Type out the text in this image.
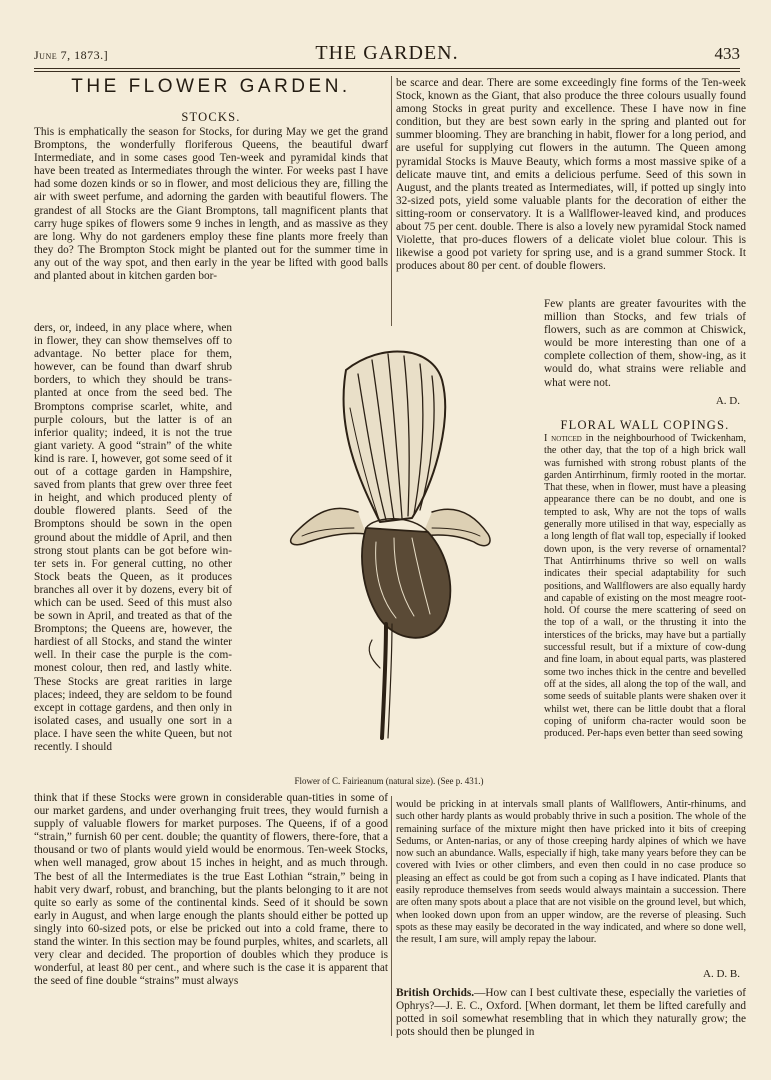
June 7, 1873.]	THE GARDEN.	433
THE FLOWER GARDEN.
STOCKS.

This is emphatically the season for Stocks, for during May we get the grand Bromptons, the wonderfully floriferous Queens, the beautiful dwarf Intermediate, and in some cases good Ten-week and pyramidal kinds that have been treated as Intermediates through the winter. For weeks past I have had some dozen kinds or so in flower, and most delicious they are, filling the air with sweet perfume, and adorning the garden with beautiful flowers. The grandest of all Stocks are the Giant Bromptons, tall magnificent plants that carry huge spikes of flowers some 9 inches in length, and as massive as they are long. Why do not gardeners employ these fine plants more freely than they do? The Brompton Stock might be planted out for the summer time in any out of the way spot, and then early in the year be lifted with good balls and planted about in kitchen garden bor-

ders, or, indeed, in any place where, when in flower, they can show themselves off to advantage. No better place for them, however, can be found than dwarf shrub borders, to which they should be trans-planted at once from the seed bed. The Bromptons comprise scarlet, white, and purple colours, but the latter is of an inferior quality; indeed, it is not the true giant variety. A good “strain” of the white kind is rare. I, however, got some seed of it out of a cottage garden in Hampshire, saved from plants that grew over three feet in height, and which produced plenty of double flowered plants. Seed of the Bromptons should be sown in the open ground about the middle of April, and then strong stout plants can be got before win-ter sets in. For general cutting, no other Stock beats the Queen, as it produces branches all over it by dozens, every bit of which can be used. Seed of this must also be sown in April, and treated as that of the Bromptons; the Queens are, however, the hardiest of all Stocks, and stand the winter well. In their case the purple is the com-monest colour, then red, and lastly white. These Stocks are great rarities in large places; indeed, they are seldom to be found except in cottage gardens, and then only in isolated cases, and usually one sort in a place. I have seen the white Queen, but not recently. I should

think that if these Stocks were grown in considerable quan-tities in some of our market gardens, and under overhanging fruit trees, they would furnish a supply of valuable flowers for market purposes. The Queens, if of a good “strain,” furnish 60 per cent. double; the quantity of flowers, there-fore, that a thousand or two of plants would yield would be enormous. Ten-week Stocks, when well managed, grow about 15 inches in height, and as much through. The best of all the Intermediates is the true East Lothian “strain,” being in habit very dwarf, robust, and branching, but the plants belonging to it are not quite so early as some of the continental kinds. Seed of it should be sown early in August, and when large enough the plants should either be potted up singly into 60-sized pots, or else be pricked out into a cold frame, there to stand the winter. In this section may be found purples, whites, and scarlets, all very clear and decided. The proportion of doubles which they produce is wonderful, at least 80 per cent., and where such is the case it is apparent that the seed of fine double “strains” must always

be scarce and dear. There are some exceedingly fine forms of the Ten-week Stock, known as the Giant, that also produce the three colours usually found among Stocks in great purity and excellence. These I have now in fine condition, but they are best sown early in the spring and planted out for summer blooming. They are branching in habit, flower for a long period, and are useful for supplying cut flowers in the autumn. The Queen among pyramidal Stocks is Mauve Beauty, which forms a most massive spike of a delicate mauve tint, and emits a delicious perfume. Seed of this sown in August, and the plants treated as Intermediates, will, if potted up singly into 32-sized pots, yield some valuable plants for the decoration of either the sitting-room or conservatory. It is a Wallflower-leaved kind, and produces about 75 per cent. double. There is also a lovely new pyramidal Stock named Violette, that pro-duces flowers of a delicate violet blue colour. This is likewise a good pot variety for spring use, and is a grand summer Stock. It produces about 80 per cent. of double flowers.

Few plants are greater favourites with the million than Stocks, and few trials of flowers, such as are common at Chiswick, would be more interesting than one of a complete collection of them, show-ing, as it would do, what strains were reliable and what were not.

A. D.
FLORAL WALL COPINGS.

I noticed in the neighbourhood of Twickenham, the other day, that the top of a high brick wall was furnished with strong robust plants of the garden Antirrhinum, firmly rooted in the mortar. That these, when in flower, must have a pleasing appearance there can be no doubt, and one is tempted to ask, Why are not the tops of walls generally more utilised in that way, especially as a long length of flat wall top, especially if looked down upon, is the very reverse of ornamental? That Antirrhinums thrive so well on walls indicates their special adaptability for such positions, and Wallflowers are also equally hardy and capable of existing on the most meagre root-hold. Of course the mere scattering of seed on the top of a wall, or the thrusting it into the interstices of the bricks, may have but a partially successful result, but if a mixture of cow-dung and fine loam, in about equal parts, was plastered some two inches thick in the centre and bevelled off at the sides, all along the top of the wall, and some seeds of suitable plants were shaken over it whilst wet, there can be little doubt that a floral coping of uniform cha-racter would soon be produced. Per-haps even better than seed sowing

would be pricking in at intervals small plants of Wallflowers, Antir-rhinums, and such other hardy plants as would probably thrive in such a position. The whole of the remaining surface of the mixture might then have pricked into it bits of creeping Sedums, or Anten-narias, or any of those creeping hardy alpines of which we have now such an abundance. Walls, especially if high, take many years before they can be covered with Ivies or other climbers, and even then could in no case produce so pleasing an effect as could be got from such a coping as I have indicated. Plants that easily reproduce themselves from seeds would always maintain a succession. There are often many spots about a place that are not visible on the ground level, but which, when looked down upon from an upper window, are the reverse of pleasing. Such spots as these may easily be decorated in the way indicated, and where so done well, the result, I am sure, will amply repay the labour.

A. D. B.

British Orchids.—How can I best cultivate these, especially the varieties of Ophrys?—J. E. C., Oxford. [When dormant, let them be lifted carefully and potted in soil somewhat resembling that in which they naturally grow; the pots should then be plunged in

Flower of C. Fairieanum (natural size). (See p. 431.)
